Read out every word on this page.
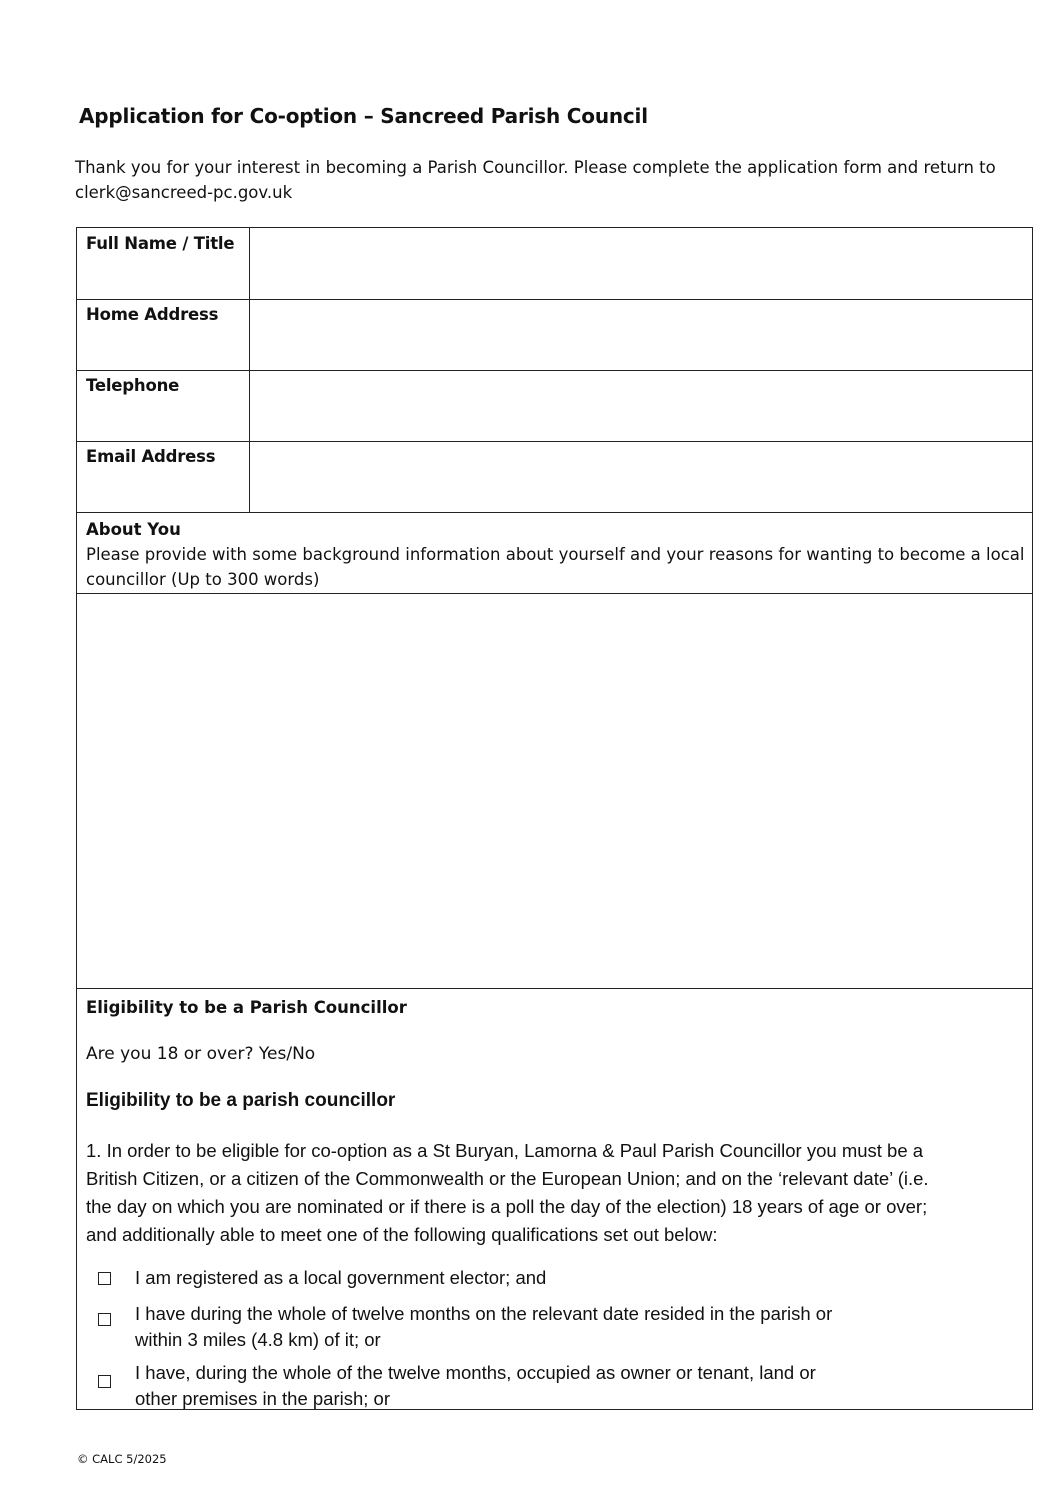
Application for Co-option – Sancreed Parish Council
Thank you for your interest in becoming a Parish Councillor. Please complete the application form and return to
clerk@sancreed-pc.gov.uk
Full Name / Title
Home Address
Telephone
Email Address
About You
Please provide with some background information about yourself and your reasons for wanting to become a local
councillor (Up to 300 words)
Eligibility to be a Parish Councillor
Are you 18 or over? Yes/No
Eligibility to be a parish councillor
1. In order to be eligible for co-option as a St Buryan, Lamorna & Paul Parish Councillor you must be a
British Citizen, or a citizen of the Commonwealth or the European Union; and on the ‘relevant date’ (i.e.
the day on which you are nominated or if there is a poll the day of the election) 18 years of age or over;
and additionally able to meet one of the following qualifications set out below:
I am registered as a local government elector; and
I have during the whole of twelve months on the relevant date resided in the parish or
within 3 miles (4.8 km) of it; or
I have, during the whole of the twelve months, occupied as owner or tenant, land or
other premises in the parish; or
© CALC 5/2025
